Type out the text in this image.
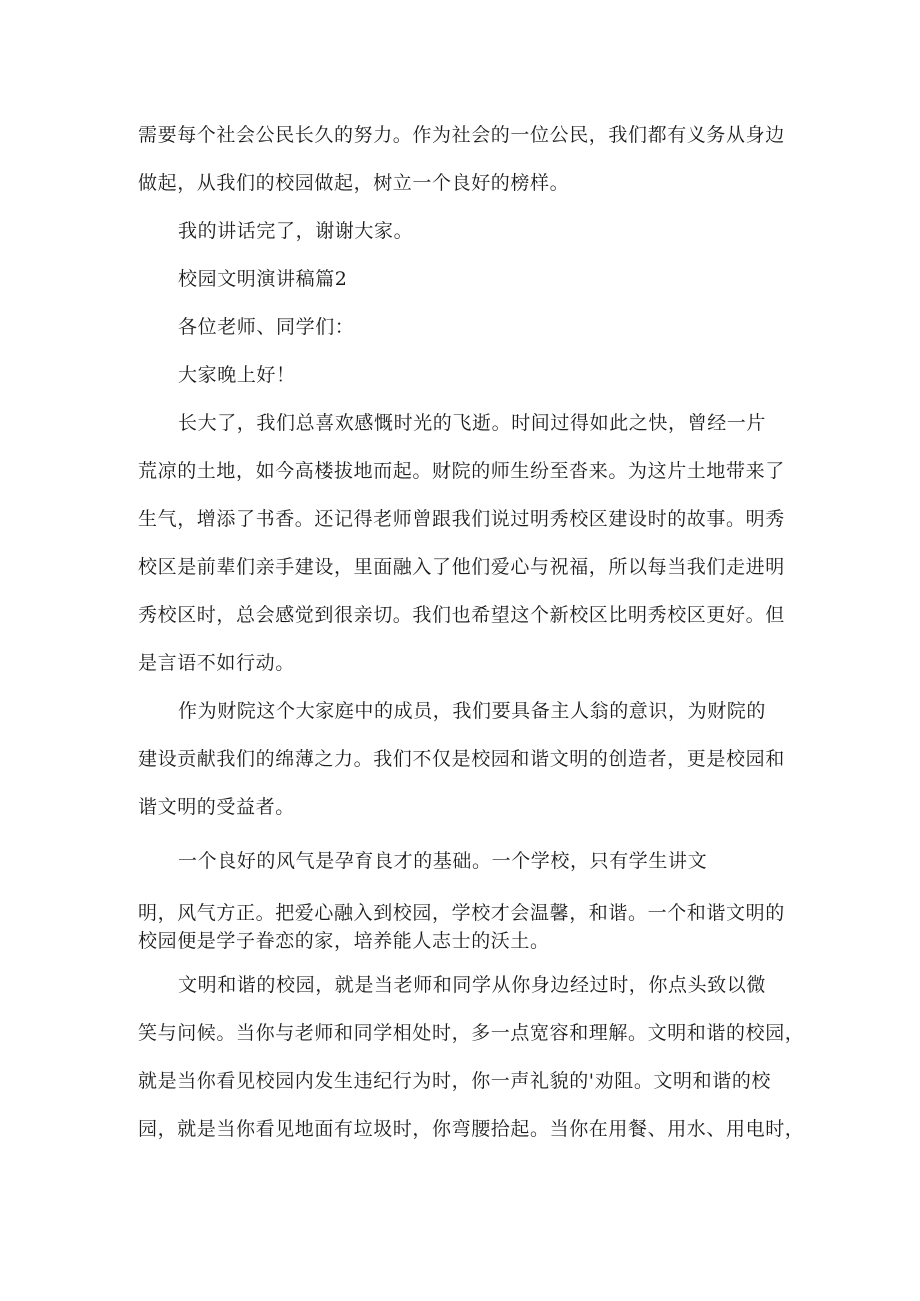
需要每个社会公民长久的努力。作为社会的一位公民，我们都有义务从身边
做起，从我们的校园做起，树立一个良好的榜样。
我的讲话完了，谢谢大家。
校园文明演讲稿篇2
各位老师、同学们：
大家晚上好！
长大了，我们总喜欢感慨时光的飞逝。时间过得如此之快，曾经一片
荒凉的土地，如今高楼拔地而起。财院的师生纷至沓来。为这片土地带来了
生气，增添了书香。还记得老师曾跟我们说过明秀校区建设时的故事。明秀
校区是前辈们亲手建设，里面融入了他们爱心与祝福，所以每当我们走进明
秀校区时，总会感觉到很亲切。我们也希望这个新校区比明秀校区更好。但
是言语不如行动。
作为财院这个大家庭中的成员，我们要具备主人翁的意识，为财院的
建设贡献我们的绵薄之力。我们不仅是校园和谐文明的创造者，更是校园和
谐文明的受益者。
一个良好的风气是孕育良才的基础。一个学校，只有学生讲文
明，风气方正。把爱心融入到校园，学校才会温馨，和谐。一个和谐文明的
校园便是学子眷恋的家，培养能人志士的沃土。
文明和谐的校园，就是当老师和同学从你身边经过时，你点头致以微
笑与问候。当你与老师和同学相处时，多一点宽容和理解。文明和谐的校园，
就是当你看见校园内发生违纪行为时，你一声礼貌的'劝阻。文明和谐的校
园，就是当你看见地面有垃圾时，你弯腰拾起。当你在用餐、用水、用电时，
